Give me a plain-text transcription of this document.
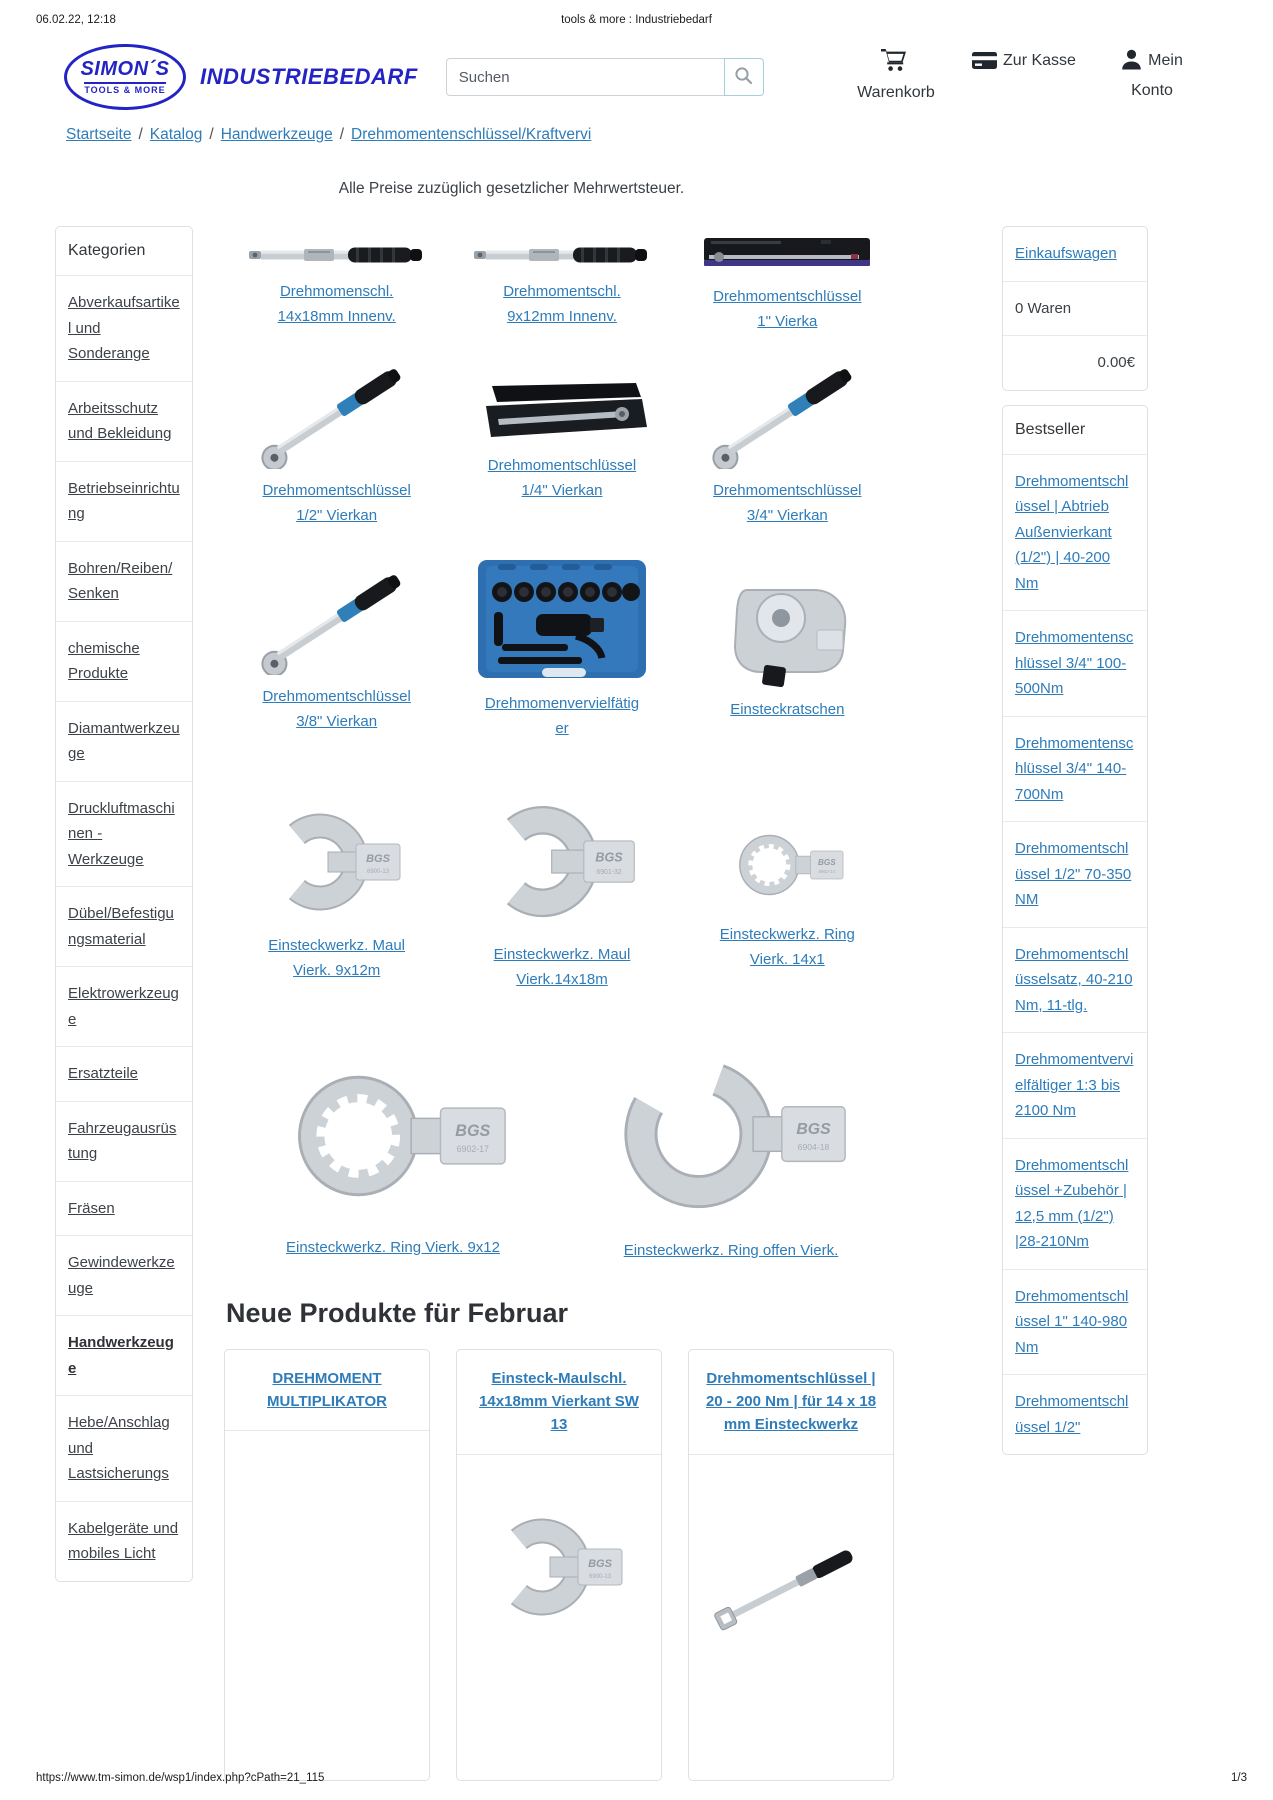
06.02.22, 12:18	tools & more : Industriebedarf
SIMON´S
TOOLS & MORE
INDUSTRIEBEDARF
Suchen
Warenkorb
Zur Kasse	Mein Konto
Startseite / Katalog / Handwerkzeuge / Drehmomentenschlüssel/Kraftvervi

Alle Preise zuzüglich gesetzlicher Mehrwertsteuer.

Kategorien
Abverkaufsartikel und Sonderange
Arbeitsschutz und Bekleidung
Betriebseinrichtung
Bohren/Reiben/Senken
chemische Produkte
Diamantwerkzeuge
Druckluftmaschinen - Werkzeuge
Dübel/Befestigungsmaterial
Elektrowerkzeuge
Ersatzteile
Fahrzeugausrüstung
Fräsen
Gewindewerkzeuge
Handwerkzeuge
Hebe/Anschlag und Lastsicherungs
Kabelgeräte und mobiles Licht
Drehmomenschl. 14x18mm Innenv.
Drehmomentschl. 9x12mm Innenv.
Drehmomentschlüssel 1" Vierka
Drehmomentschlüssel 1/2" Vierkan
Drehmomentschlüssel 1/4" Vierkan	Drehmomentschlüssel 3/4" Vierkan
Drehmomentschlüssel 3/8" Vierkan
Drehmomenvervielfätiger
Einsteckratschen
BGS
6900-13
Einsteckwerkz. Maul Vierk. 9x12m
BGS
6901-32
Einsteckwerkz. Maul Vierk.14x18m
BGS
6902-14
Einsteckwerkz. Ring Vierk. 14x1
BGS
6902-17
Einsteckwerkz. Ring Vierk. 9x12
BGS
6904-18
Einsteckwerkz. Ring offen Vierk.
Neue Produkte für Februar
DREHMOMENT MULTIPLIKATOR
Einsteck-Maulschl. 14x18mm Vierkant SW 13
BGS
6900-13
Drehmomentschlüssel | 20 - 200 Nm | für 14 x 18 mm Einsteckwerkz
Einkaufswagen
0 Waren
0.00€
Bestseller
Drehmomentschlüssel | Abtrieb Außenvierkant (1/2") | 40-200 Nm
Drehmomentenschlüssel 3/4" 100-500Nm
Drehmomentenschlüssel 3/4" 140-700Nm
Drehmomentschlüssel 1/2" 70-350 NM
Drehmomentschlüsselsatz, 40-210 Nm, 11-tlg.
Drehmomentvervielfältiger 1:3 bis 2100 Nm
Drehmomentschlüssel +Zubehör | 12,5 mm (1/2") |28-210Nm
Drehmomentschlüssel 1" 140-980 Nm
Drehmomentschlüssel 1/2"
https://www.tm-simon.de/wsp1/index.php?cPath=21_115	1/3
